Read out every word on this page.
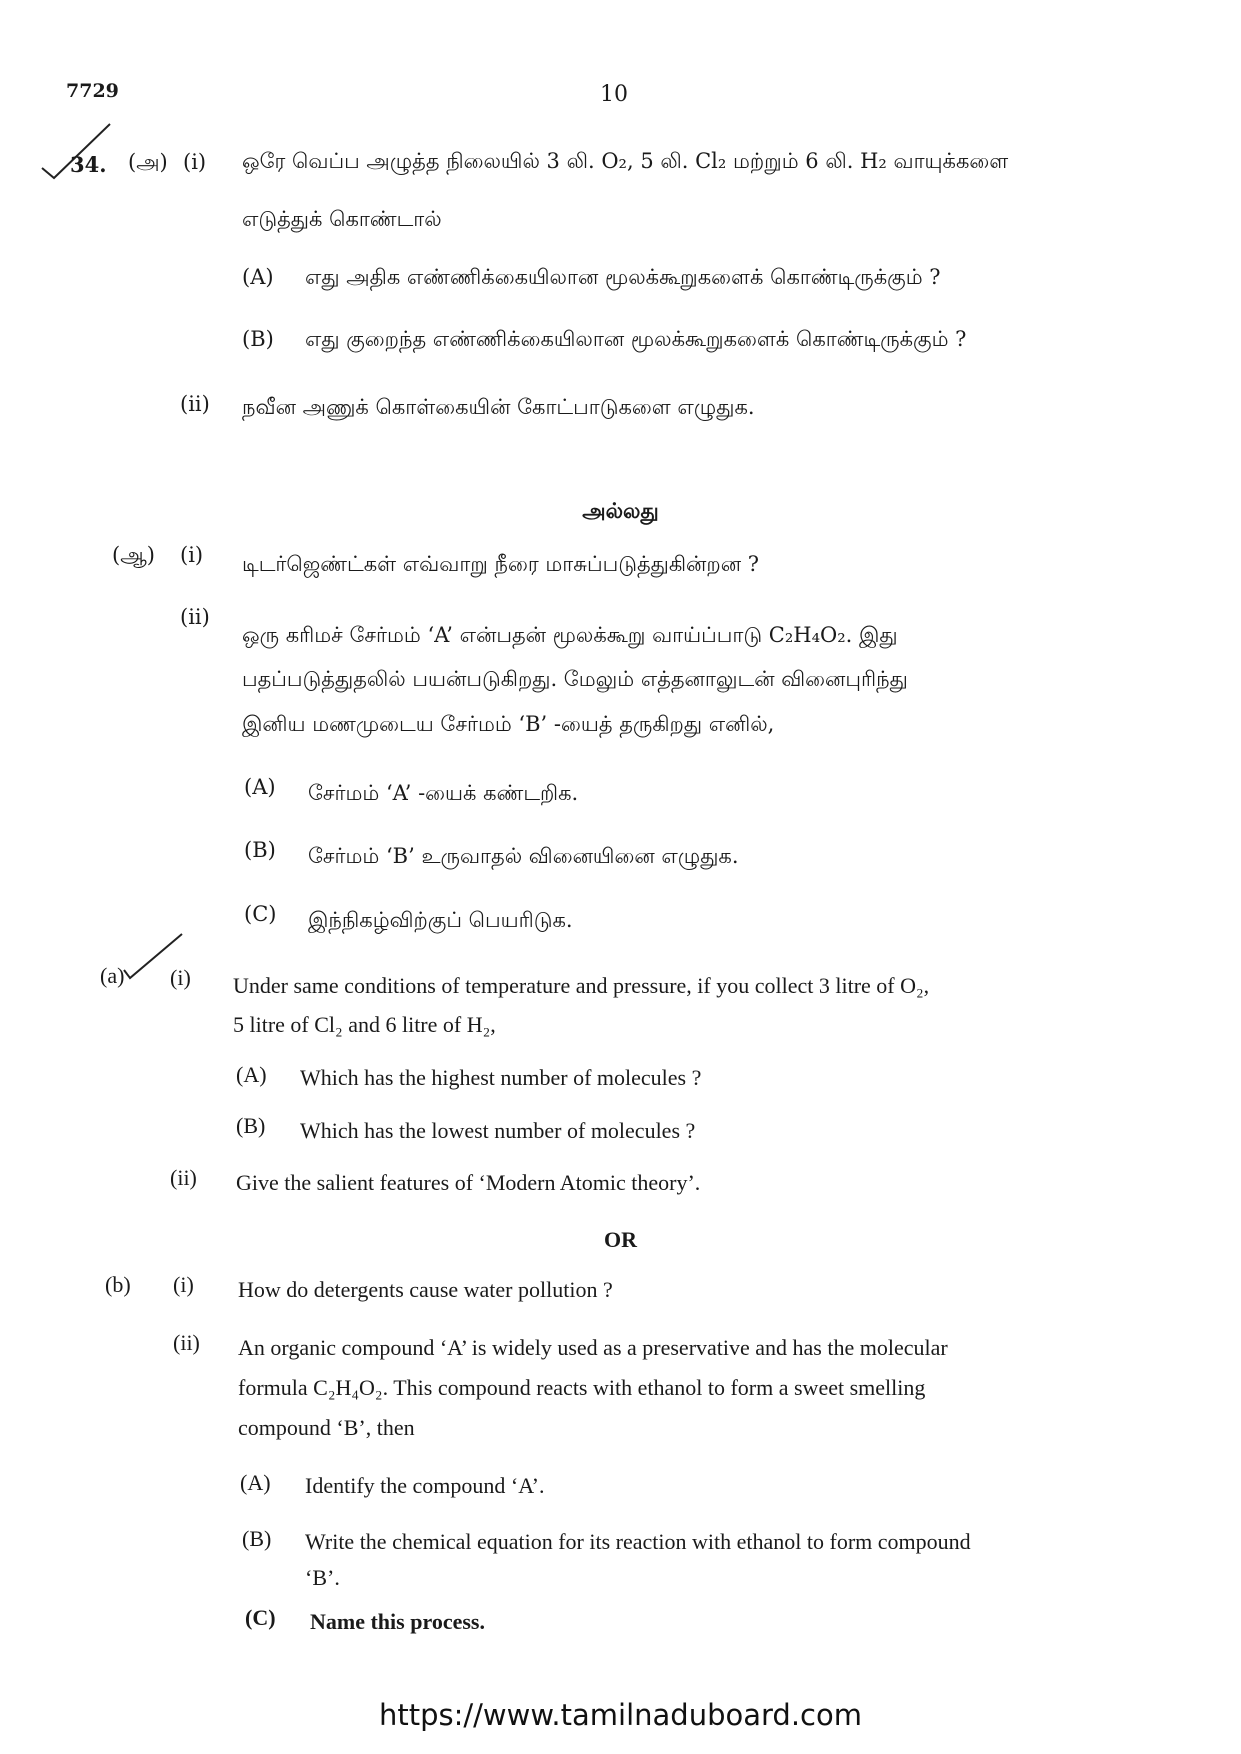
7729	10
34. (அ) (i) ஒரே வெப்ப அழுத்த நிலையில் 3 லி. O₂, 5 லி. Cl₂ மற்றும் 6 லி. H₂ வாயுக்களை
எடுத்துக் கொண்டால்
(A) எது அதிக எண்ணிக்கையிலான மூலக்கூறுகளைக் கொண்டிருக்கும் ?
(B) எது குறைந்த எண்ணிக்கையிலான மூலக்கூறுகளைக் கொண்டிருக்கும் ?
(ii) நவீன அணுக் கொள்கையின் கோட்பாடுகளை எழுதுக.
அல்லது
(ஆ) (i) டிடர்ஜெண்ட்கள் எவ்வாறு நீரை மாசுப்படுத்துகின்றன ?
(ii)
ஒரு கரிமச் சேர்மம் ‘A’ என்பதன் மூலக்கூறு வாய்ப்பாடு C₂H₄O₂. இது
பதப்படுத்துதலில் பயன்படுகிறது. மேலும் எத்தனாலுடன் வினைபுரிந்து
இனிய மணமுடைய சேர்மம் ‘B’ -யைத் தருகிறது எனில்,
(A) சேர்மம் ‘A’ -யைக் கண்டறிக.
(B) சேர்மம் ‘B’ உருவாதல் வினையினை எழுதுக.
(C) இந்நிகழ்விற்குப் பெயரிடுக.
(a) (i) Under same conditions of temperature and pressure, if you collect 3 litre of O₂,
5 litre of Cl₂ and 6 litre of H₂,
(A) Which has the highest number of molecules ?
(B) Which has the lowest number of molecules ?
(ii) Give the salient features of ‘Modern Atomic theory’.
OR
(b) (i) How do detergents cause water pollution ?
(ii) An organic compound ‘A’ is widely used as a preservative and has the molecular
formula C₂H₄O₂. This compound reacts with ethanol to form a sweet smelling
compound ‘B’, then
(A) Identify the compound ‘A’.
(B) Write the chemical equation for its reaction with ethanol to form compound
‘B’.
(C) Name this process.
https://www.tamilnaduboard.com
